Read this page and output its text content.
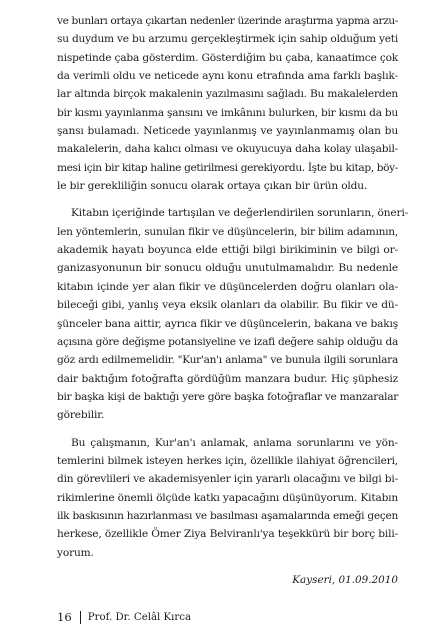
ve bunları ortaya çıkartan nedenler üzerinde araştırma yapma arzu-
su duydum ve bu arzumu gerçekleştirmek için sahip olduğum yeti
nispetinde çaba gösterdim. Gösterdiğim bu çaba, kanaatimce çok
da verimli oldu ve neticede aynı konu etrafında ama farklı başlık-
lar altında birçok makalenin yazılmasını sağladı. Bu makalelerden
bir kısmı yayınlanma şansını ve imkânını bulurken, bir kısmı da bu
şansı bulamadı. Neticede yayınlanmış ve yayınlanmamış olan bu
makalelerin, daha kalıcı olması ve okuyucuya daha kolay ulaşabil-
mesi için bir kitap haline getirilmesi gerekiyordu. İşte bu kitap, böy-
le bir gerekliliğin sonucu olarak ortaya çıkan bir ürün oldu.
Kitabın içeriğinde tartışılan ve değerlendirilen sorunların, öneri-
len yöntemlerin, sunulan fikir ve düşüncelerin, bir bilim adamının,
akademik hayatı boyunca elde ettiği bilgi birikiminin ve bilgi or-
ganizasyonunun bir sonucu olduğu unutulmamalıdır. Bu nedenle
kitabın içinde yer alan fikir ve düşüncelerden doğru olanları ola-
bileceği gibi, yanlış veya eksik olanları da olabilir. Bu fikir ve dü-
şünceler bana aittir, ayrıca fikir ve düşüncelerin, bakana ve bakış
açısına göre değişme potansiyeline ve izafi değere sahip olduğu da
göz ardı edilmemelidir. "Kur'an'ı anlama" ve bunula ilgili sorunlara
dair baktığım fotoğrafta gördüğüm manzara budur. Hiç şüphesiz
bir başka kişi de baktığı yere göre başka fotoğraflar ve manzaralar
görebilir.
Bu çalışmanın, Kur'an'ı anlamak, anlama sorunlarını ve yön-
temlerini bilmek isteyen herkes için, özellikle ilahiyat öğrencileri,
din görevlileri ve akademisyenler için yararlı olacağını ve bilgi bi-
rikimlerine önemli ölçüde katkı yapacağını düşünüyorum. Kitabın
ilk baskısının hazırlanması ve basılması aşamalarında emeği geçen
herkese, özellikle Ömer Ziya Belviranlı'ya teşekkürü bir borç bili-
yorum.
Kayseri, 01.09.2010
16 Prof. Dr. Celâl Kırca
